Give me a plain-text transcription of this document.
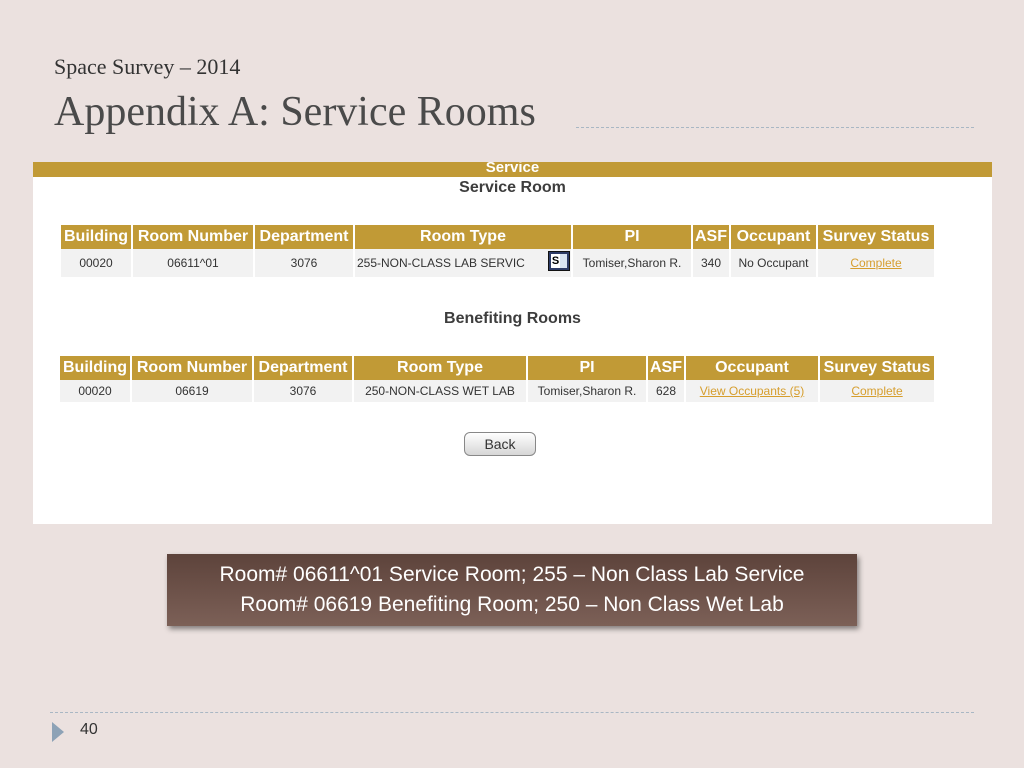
Space Survey – 2014
Appendix A: Service Rooms
Service
Service Room
Building	Room Number	Department	Room Type	PI	ASF	Occupant	Survey Status
00020	06611^01	3076	255-NON-CLASS LAB SERVIC S	Tomiser,Sharon R.	340	No Occupant	Complete
Benefiting Rooms
Building	Room Number	Department	Room Type	PI	ASF	Occupant	Survey Status
00020	06619	3076	250-NON-CLASS WET LAB	Tomiser,Sharon R.	628	View Occupants (5)	Complete
Back
Room# 06611^01 Service Room; 255 – Non Class Lab Service
Room# 06619 Benefiting Room; 250 – Non Class Wet Lab
40
